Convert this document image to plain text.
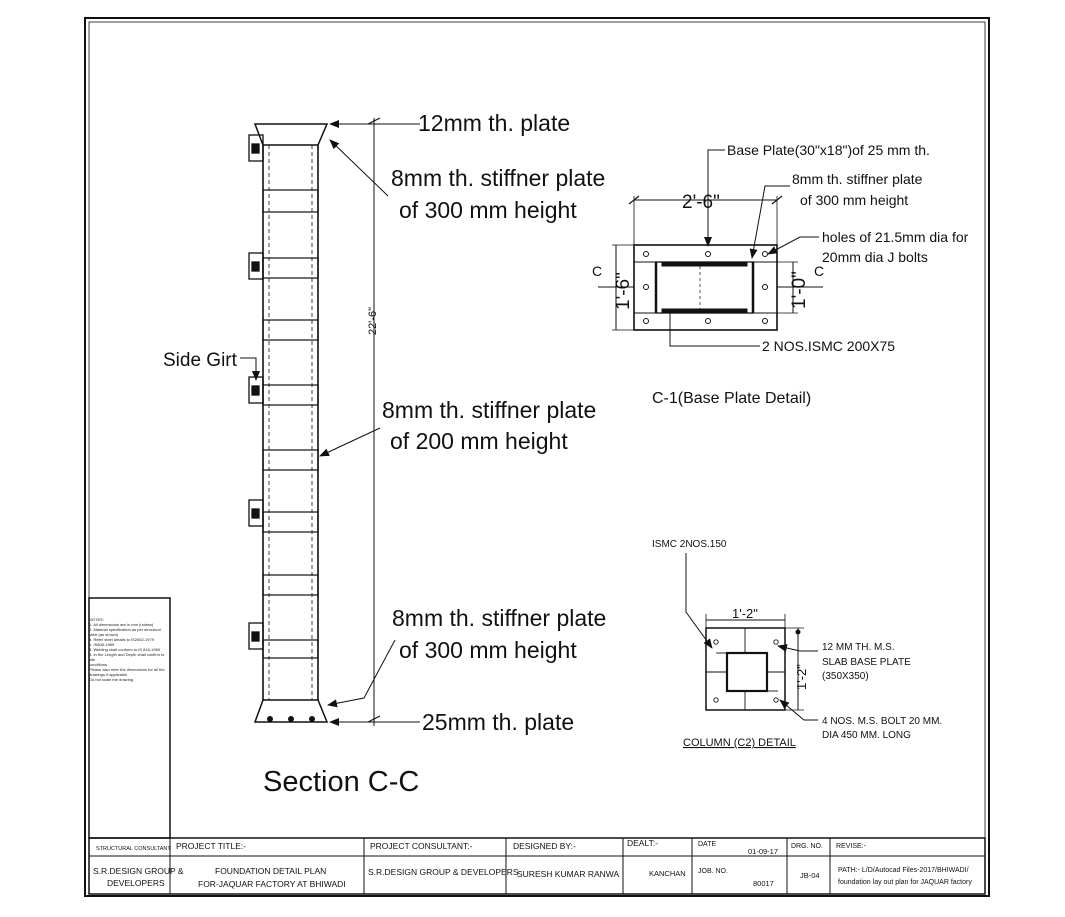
22'-6"
12mm th. plate
8mm th. stiffner plate
of 300 mm height
Side Girt
8mm th. stiffner plate
of 200 mm height
8mm th. stiffner plate
of 300 mm height
25mm th. plate
Section C-C
Base Plate(30"x18")of 25 mm th.
2'-6"
8mm th. stiffner plate
of 300 mm height
holes of 21.5mm dia for
20mm dia J bolts
1'-6"	1'-0"
C	C
2 NOS.ISMC 200X75
C-1(Base Plate Detail)
ISMC 2NOS.150
1'-2"
1'-2"
12 MM TH. M.S.
SLAB BASE PLATE
(350X350)
4 NOS. M.S. BOLT 20 MM.
DIA 450 MM. LONG
COLUMN (C2) DETAIL
STRUCTURAL CONSULTANT
S.R.DESIGN GROUP &
DEVELOPERS
PROJECT TITLE:-
FOUNDATION DETAIL PLAN
FOR-JAQUAR FACTORY AT BHIWADI
PROJECT CONSULTANT:-
S.R.DESIGN GROUP & DEVELOPERS
DESIGNED BY:-
SURESH KUMAR RANWA
DEALT:-
KANCHAN
DATE
01-09-17
JOB. NO.
80017
DRG. NO.
JB-04
REVISE:-
PATH:- L/D/Autocad Files-2017/BHIWADI/
foundation lay out plan for JAQUAR factory
NOTES:
1. All dimensions are in mm (unless)
2. Material specification as per structural
steel (as shown)
a. Refer steel details to IS2062-1979
b. IS808-1989
3. Welding shall conform to IS 816-1969
4. In the Length and Depth shall confirm to site
conditions
Please also refer the dimensions for all the
drawings if applicable
Do not scale the drawing
